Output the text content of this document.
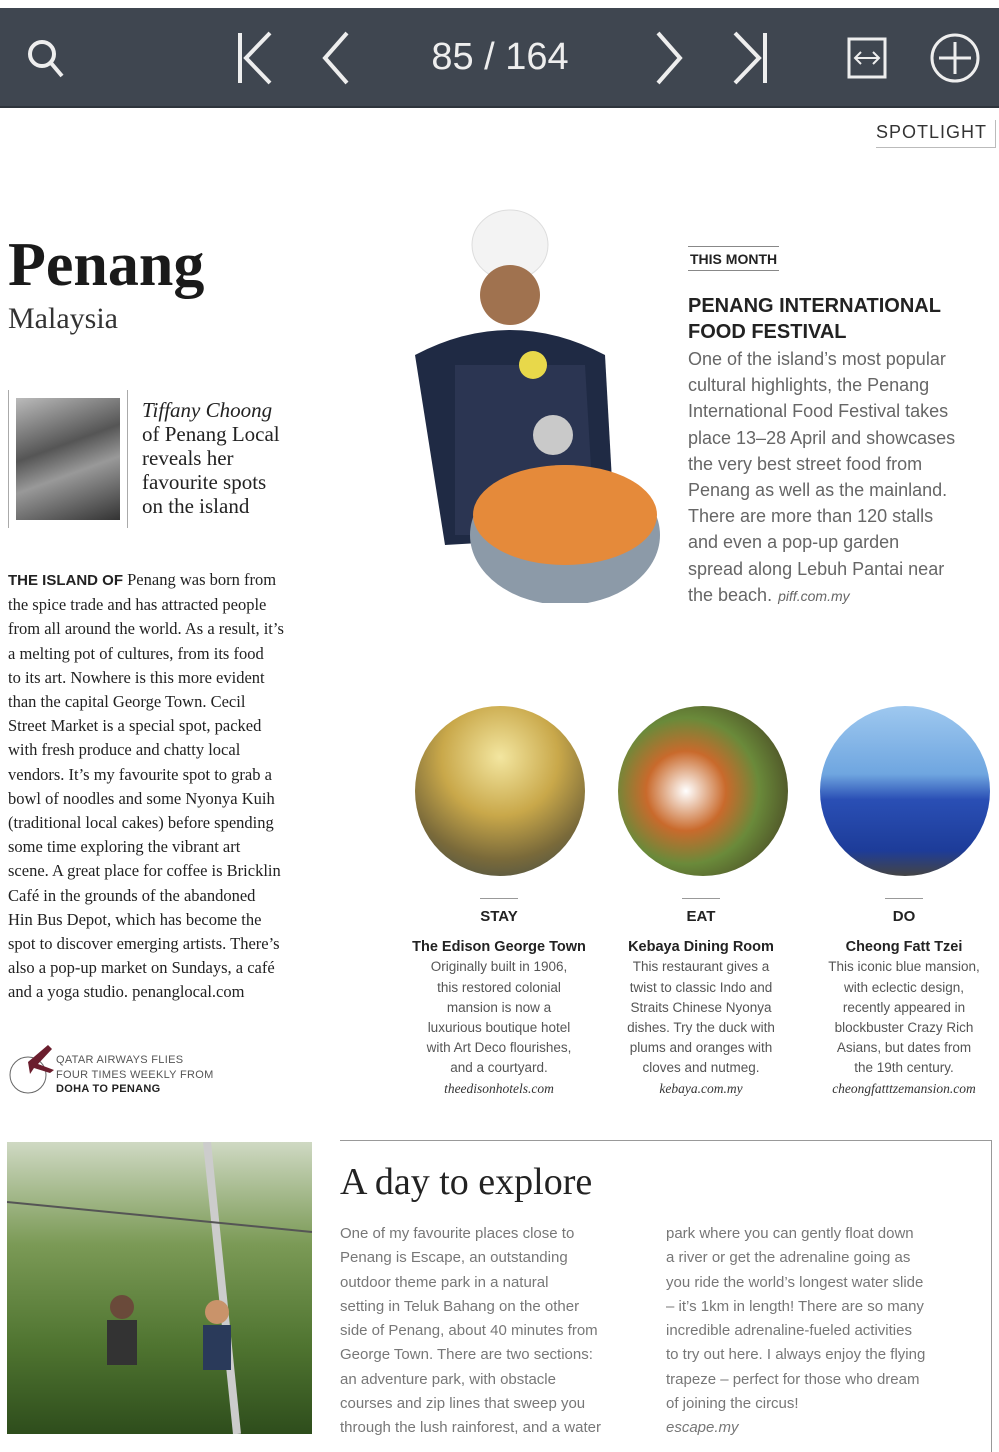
85 / 164
SPOTLIGHT
Penang
Malaysia
Tiffany Choong
of Penang Local
reveals her
favourite spots
on the island
THE ISLAND OF Penang was born from
the spice trade and has attracted people
from all around the world. As a result, it’s
a melting pot of cultures, from its food
to its art. Nowhere is this more evident
than the capital George Town. Cecil
Street Market is a special spot, packed
with fresh produce and chatty local
vendors. It’s my favourite spot to grab a
bowl of noodles and some Nyonya Kuih
(traditional local cakes) before spending
some time exploring the vibrant art
scene. A great place for coffee is Bricklin
Café in the grounds of the abandoned
Hin Bus Depot, which has become the
spot to discover emerging artists. There’s
also a pop-up market on Sundays, a café
and a yoga studio. penanglocal.com
QATAR AIRWAYS FLIES
FOUR TIMES WEEKLY FROM
DOHA TO PENANG
THIS MONTH
PENANG INTERNATIONAL
FOOD FESTIVAL
One of the island’s most popular
cultural highlights, the Penang
International Food Festival takes
place 13–28 April and showcases
the very best street food from
Penang as well as the mainland.
There are more than 120 stalls
and even a pop-up garden
spread along Lebuh Pantai near
the beach. piff.com.my
STAY
The Edison George Town
Originally built in 1906,
this restored colonial
mansion is now a
luxurious boutique hotel
with Art Deco flourishes,
and a courtyard.
theedisonhotels.com
EAT
Kebaya Dining Room
This restaurant gives a
twist to classic Indo and
Straits Chinese Nyonya
dishes. Try the duck with
plums and oranges with
cloves and nutmeg.
kebaya.com.my
DO
Cheong Fatt Tzei
This iconic blue mansion,
with eclectic design,
recently appeared in
blockbuster Crazy Rich
Asians, but dates from
the 19th century.
cheongfatttzemansion.com
A day to explore
One of my favourite places close to
Penang is Escape, an outstanding
outdoor theme park in a natural
setting in Teluk Bahang on the other
side of Penang, about 40 minutes from
George Town. There are two sections:
an adventure park, with obstacle
courses and zip lines that sweep you
through the lush rainforest, and a water
park where you can gently float down
a river or get the adrenaline going as
you ride the world’s longest water slide
– it’s 1km in length! There are so many
incredible adrenaline-fueled activities
to try out here. I always enjoy the flying
trapeze – perfect for those who dream
of joining the circus!
escape.my
